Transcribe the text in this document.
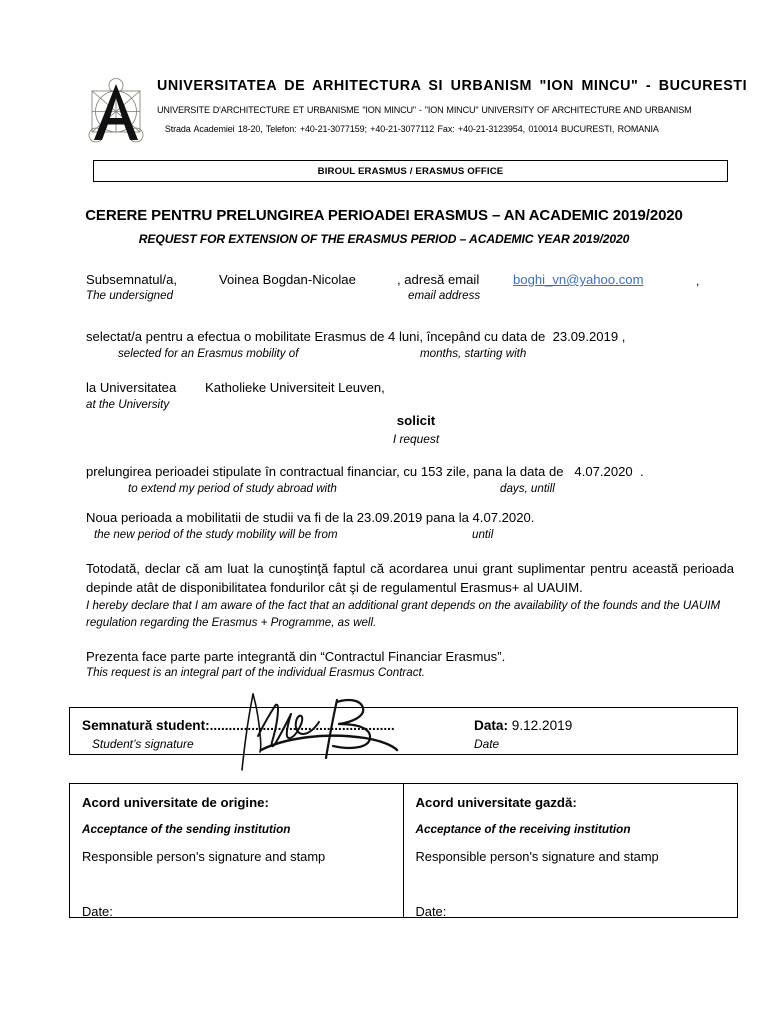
UNIVERSITATEA DE ARHITECTURA SI URBANISM "ION MINCU" - BUCURESTI
UNIVERSITE D'ARCHITECTURE ET URBANISME "ION MINCU" - "ION MINCU" UNIVERSITY OF ARCHITECTURE AND URBANISM
Strada Academiei 18-20, Telefon: +40-21-3077159; +40-21-3077112 Fax: +40-21-3123954, 010014 BUCURESTI, ROMANIA
BIROUL ERASMUS / ERASMUS OFFICE
CERERE PENTRU PRELUNGIREA PERIOADEI ERASMUS – AN ACADEMIC 2019/2020
REQUEST FOR EXTENSION OF THE ERASMUS PERIOD – ACADEMIC YEAR 2019/2020
Subsemnatul/a,
The undersigned
Voinea Bogdan-Nicolae	, adresă email
email address
boghi_vn@yahoo.com	,
selectat/a pentru a efectua o mobilitate Erasmus de 4 luni, începând cu data de  23.09.2019 ,
selected for an Erasmus mobility of	months, starting with
la Universitatea
at the University
Katholieke Universiteit Leuven,
solicit
I request
prelungirea perioadei stipulate în contractual financiar, cu 153 zile, pana la data de   4.07.2020  .
to extend my period of study abroad with	days, untill
Noua perioada a mobilitatii de studii va fi de la 23.09.2019 pana la 4.07.2020.
the new period of the study mobility will be from	until
Totodată, declar că am luat la cunoştinţă faptul că acordarea unui grant suplimentar pentru această perioada depinde atât de disponibilitatea fondurilor cât şi de regulamentul Erasmus+ al UAUIM.
I hereby declare that I am aware of the fact that an additional grant depends on the availability of the founds and the UAUIM regulation regarding the Erasmus + Programme, as well.
Prezenta face parte parte integrantă din “Contractul Financiar Erasmus”.
This request is an integral part of the individual Erasmus Contract.
Semnatură student:.................................................
Student’s signature
Data: 9.12.2019
Date
Acord universitate de origine:
Acceptance of the sending institution
Responsible person's signature and stamp
Date:
Acord universitate gazdă:
Acceptance of the receiving institution
Responsible person's signature and stamp
Date:
